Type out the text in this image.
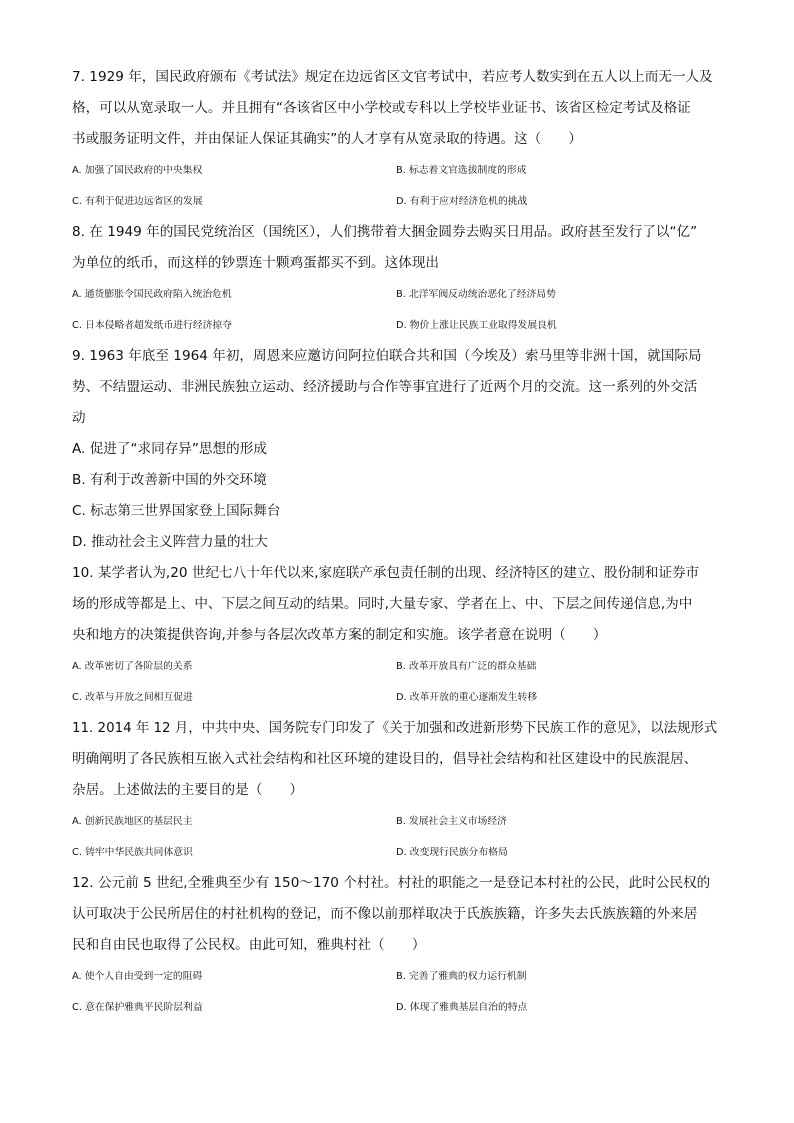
7. 1929 年，国民政府颁布《考试法》规定在边远省区文官考试中，若应考人数实到在五人以上而无一人及

格，可以从宽录取一人。并且拥有“各该省区中小学校或专科以上学校毕业证书、该省区检定考试及格证

书或服务证明文件，并由保证人保证其确实”的人才享有从宽录取的待遇。这（　　）

A. 加强了国民政府的中央集权	B. 标志着文官选拔制度的形成
C. 有利于促进边远省区的发展	D. 有利于应对经济危机的挑战

8. 在 1949 年的国民党统治区（国统区），人们携带着大捆金圆券去购买日用品。政府甚至发行了以“亿”

为单位的纸币，而这样的钞票连十颗鸡蛋都买不到。这体现出

A. 通货膨胀令国民政府陷入统治危机	B. 北洋军阀反动统治恶化了经济局势
C. 日本侵略者超发纸币进行经济掠夺	D. 物价上涨让民族工业取得发展良机

9. 1963 年底至 1964 年初，周恩来应邀访问阿拉伯联合共和国（今埃及）索马里等非洲十国，就国际局

势、不结盟运动、非洲民族独立运动、经济援助与合作等事宜进行了近两个月的交流。这一系列的外交活

动

A. 促进了“求同存异”思想的形成
B. 有利于改善新中国的外交环境
C. 标志第三世界国家登上国际舞台
D. 推动社会主义阵营力量的壮大

10. 某学者认为,20 世纪七八十年代以来,家庭联产承包责任制的出现、经济特区的建立、股份制和证券市

场的形成等都是上、中、下层之间互动的结果。同时,大量专家、学者在上、中、下层之间传递信息,为中

央和地方的决策提供咨询,并参与各层次改革方案的制定和实施。该学者意在说明（　　）

A. 改革密切了各阶层的关系	B. 改革开放具有广泛的群众基础
C. 改革与开放之间相互促进	D. 改革开放的重心逐渐发生转移

11. 2014 年 12 月，中共中央、国务院专门印发了《关于加强和改进新形势下民族工作的意见》，以法规形式

明确阐明了各民族相互嵌入式社会结构和社区环境的建设目的，倡导社会结构和社区建设中的民族混居、

杂居。上述做法的主要目的是（　　）

A. 创新民族地区的基层民主	B. 发展社会主义市场经济
C. 铸牢中华民族共同体意识	D. 改变现行民族分布格局

12. 公元前 5 世纪,全雅典至少有 150～170 个村社。村社的职能之一是登记本村社的公民，此时公民权的

认可取决于公民所居住的村社机构的登记，而不像以前那样取决于氏族族籍，许多失去氏族族籍的外来居

民和自由民也取得了公民权。由此可知，雅典村社（　　）

A. 使个人自由受到一定的阻碍	B. 完善了雅典的权力运行机制
C. 意在保护雅典平民阶层利益	D. 体现了雅典基层自治的特点
